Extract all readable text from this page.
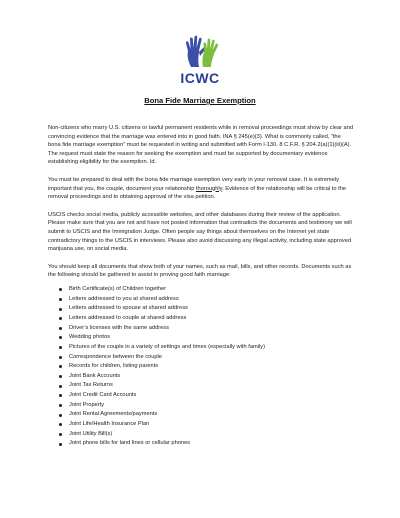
ICWC
Bona Fide Marriage Exemption

Non-citizens who marry U.S. citizens or lawful permanent residents while in removal proceedings must show by clear and convincing evidence that the marriage was entered into in good faith. INA § 245(e)(3). What is commonly called, “the bona fide marriage exemption” must be requested in writing and submitted with Form I-130. 8 C.F.R. § 204.2(a)(1)(iii)(A). The request must state the reason for seeking the exemption and must be supported by documentary evidence establishing eligibility for the exemption. Id.

You must be prepared to deal with the bona fide marriage exemption very early in your removal case. It is extremely important that you, the couple, document your relationship thoroughly. Evidence of the relationship will be critical to the removal proceedings and to obtaining approval of the visa petition.

USCIS checks social media, publicly accessible websites, and other databases during their review of the application. Please make sure that you are not and have not posted information that contradicts the documents and testimony we will submit to USCIS and the Immigration Judge. Often people say things about themselves on the Internet yet state contradictory things to the USCIS in interviews. Please also avoid discussing any illegal activity, including state approved marijuana use, on social media.

You should keep all documents that show both of your names, such as mail, bills, and other records. Documents such as the following should be gathered to assist in proving good faith marriage:

Birth Certificate(s) of Children together
Letters addressed to you at shared address
Letters addressed to spouse at shared address
Letters addressed to couple at shared address
Driver’s licenses with the same address
Wedding photos
Pictures of the couple in a variety of settings and times (especially with family)
Correspondence between the couple
Records for children, listing parents
Joint Bank Accounts
Joint Tax Returns
Joint Credit Card Accounts
Joint Property
Joint Rental Agreements/payments
Joint Life/Health Insurance Plan
Joint Utility Bill(s)
Joint phone bills for land lines or cellular phones
